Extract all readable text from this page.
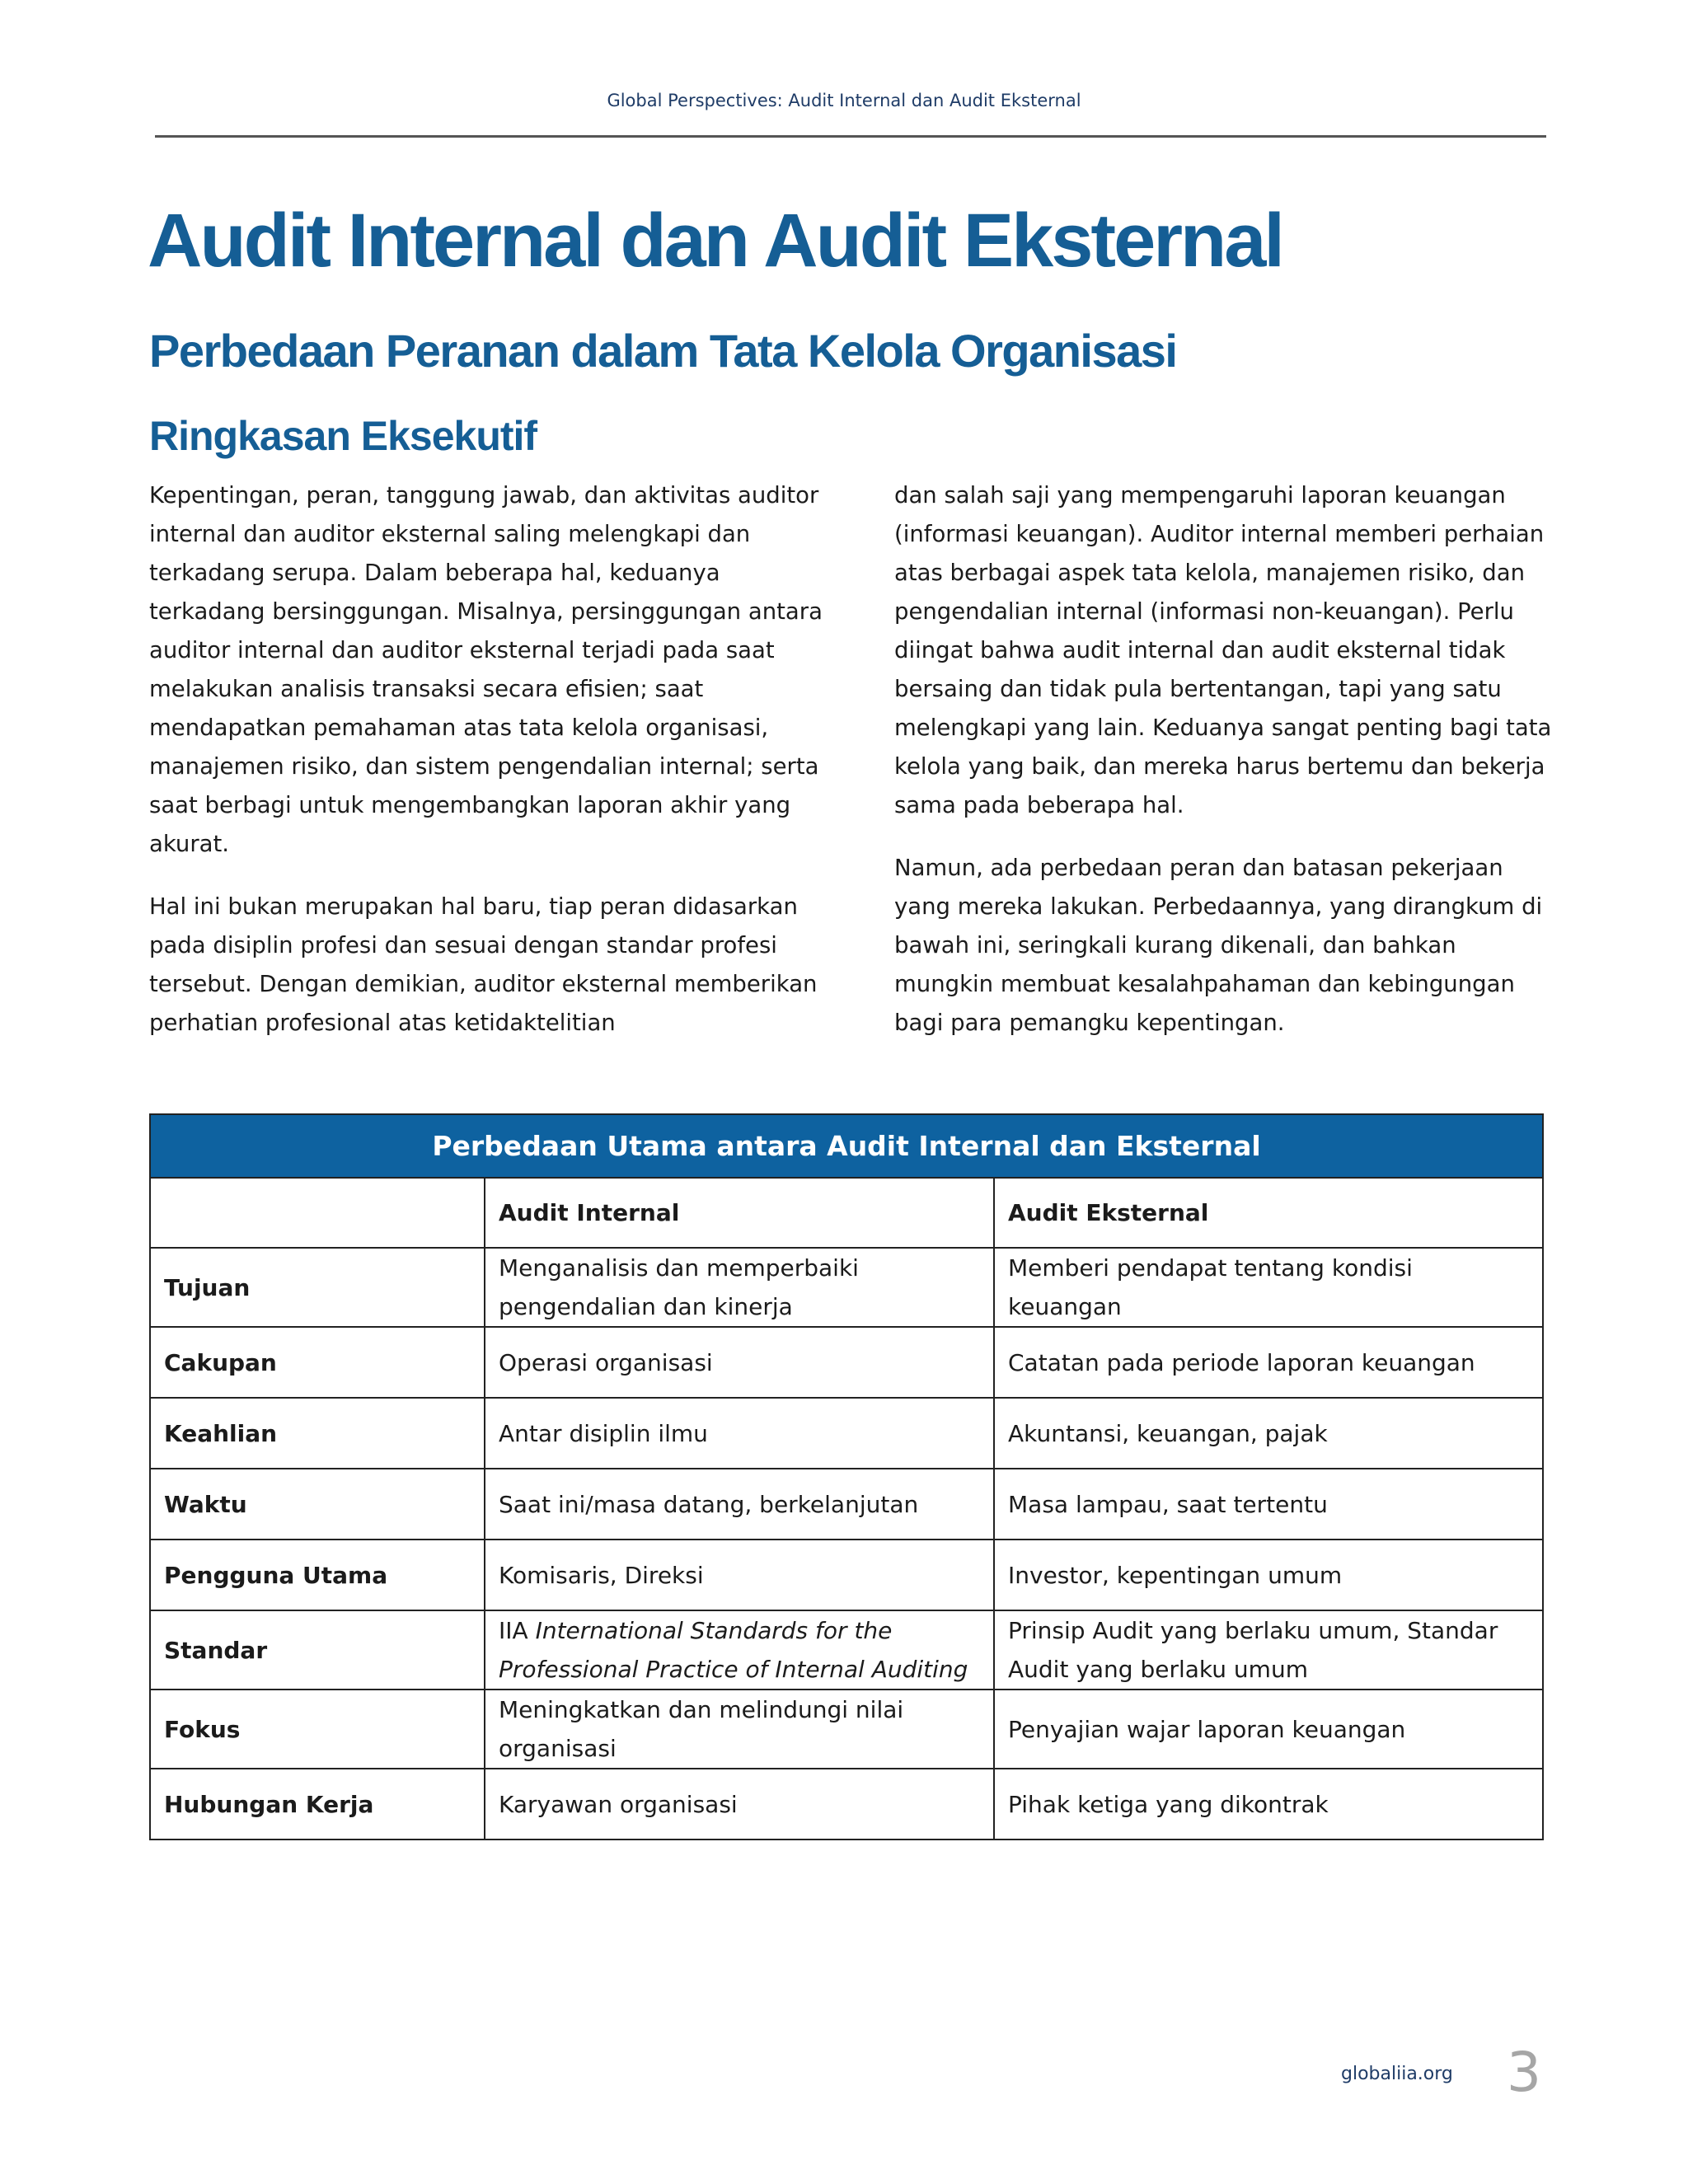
Global Perspectives: Audit Internal dan Audit Eksternal
Audit Internal dan Audit Eksternal
Perbedaan Peranan dalam Tata Kelola Organisasi
Ringkasan Eksekutif

Kepentingan, peran, tanggung jawab, dan aktivitas auditor internal dan auditor eksternal saling melengkapi dan terkadang serupa. Dalam beberapa hal, keduanya terkadang bersinggungan. Misalnya, persinggungan antara auditor internal dan auditor eksternal terjadi pada saat melakukan analisis transaksi secara efisien; saat mendapatkan pemahaman atas tata kelola organisasi, manajemen risiko, dan sistem pengendalian internal; serta saat berbagi untuk mengembangkan laporan akhir yang akurat.

Hal ini bukan merupakan hal baru, tiap peran didasarkan pada disiplin profesi dan sesuai dengan standar profesi tersebut. Dengan demikian, auditor eksternal memberikan perhatian profesional atas ketidaktelitian

dan salah saji yang mempengaruhi laporan keuangan (informasi keuangan). Auditor internal memberi perhaian atas berbagai aspek tata kelola, manajemen risiko, dan pengendalian internal (informasi non-keuangan). Perlu diingat bahwa audit internal dan audit eksternal tidak bersaing dan tidak pula bertentangan, tapi yang satu melengkapi yang lain. Keduanya sangat penting bagi tata kelola yang baik, dan mereka harus bertemu dan bekerja sama pada beberapa hal.

Namun, ada perbedaan peran dan batasan pekerjaan yang mereka lakukan. Perbedaannya, yang dirangkum di bawah ini, seringkali kurang dikenali, dan bahkan mungkin membuat kesalahpahaman dan kebingungan bagi para pemangku kepentingan.

Perbedaan Utama antara Audit Internal dan Eksternal		
	Audit Internal	Audit Eksternal
Tujuan	Menganalisis dan memperbaiki pengendalian dan kinerja	Memberi pendapat tentang kondisi keuangan
Cakupan	Operasi organisasi	Catatan pada periode laporan keuangan
Keahlian	Antar disiplin ilmu	Akuntansi, keuangan, pajak
Waktu	Saat ini/masa datang, berkelanjutan	Masa lampau, saat tertentu
Pengguna Utama	Komisaris, Direksi	Investor, kepentingan umum
Standar	IIA International Standards for the Professional Practice of Internal Auditing	Prinsip Audit yang berlaku umum, Standar Audit yang berlaku umum
Fokus	Meningkatkan dan melindungi nilai organisasi	Penyajian wajar laporan keuangan
Hubungan Kerja	Karyawan organisasi	Pihak ketiga yang dikontrak
globaliia.org 3
